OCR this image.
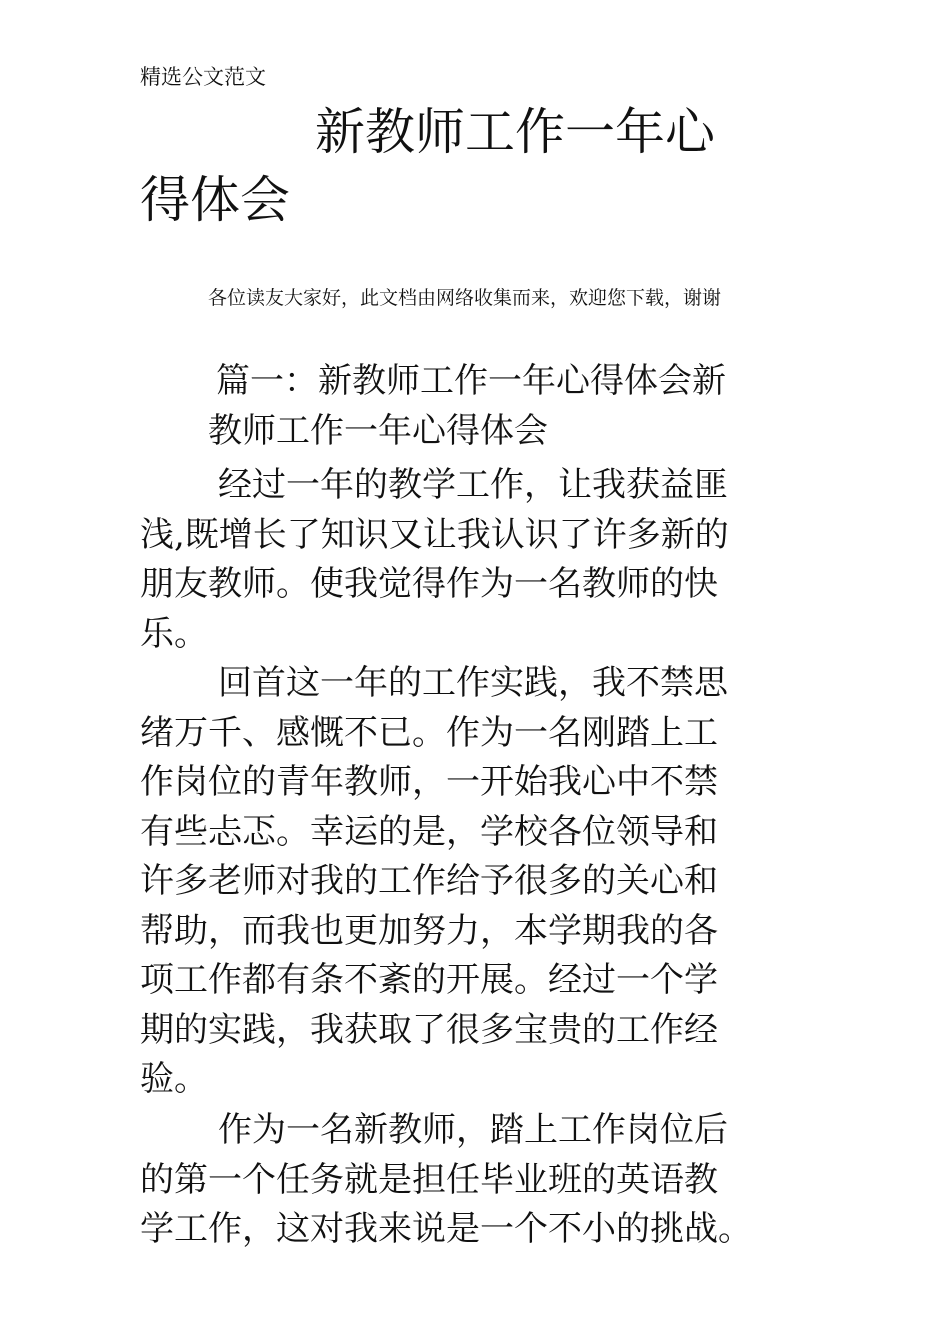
精选公文范文
新教师工作一年心
得体会
各位读友大家好，此文档由网络收集而来，欢迎您下载，谢谢
篇一：新教师工作一年心得体会新
教师工作一年心得体会

经过一年的教学工作，让我获益匪
浅,既增长了知识又让我认识了许多新的
朋友教师。使我觉得作为一名教师的快
乐。

回首这一年的工作实践，我不禁思
绪万千、感慨不已。作为一名刚踏上工
作岗位的青年教师，一开始我心中不禁
有些忐忑。幸运的是，学校各位领导和
许多老师对我的工作给予很多的关心和
帮助，而我也更加努力，本学期我的各
项工作都有条不紊的开展。经过一个学
期的实践，我获取了很多宝贵的工作经
验。

作为一名新教师，踏上工作岗位后
的第一个任务就是担任毕业班的英语教
学工作，这对我来说是一个不小的挑战。
